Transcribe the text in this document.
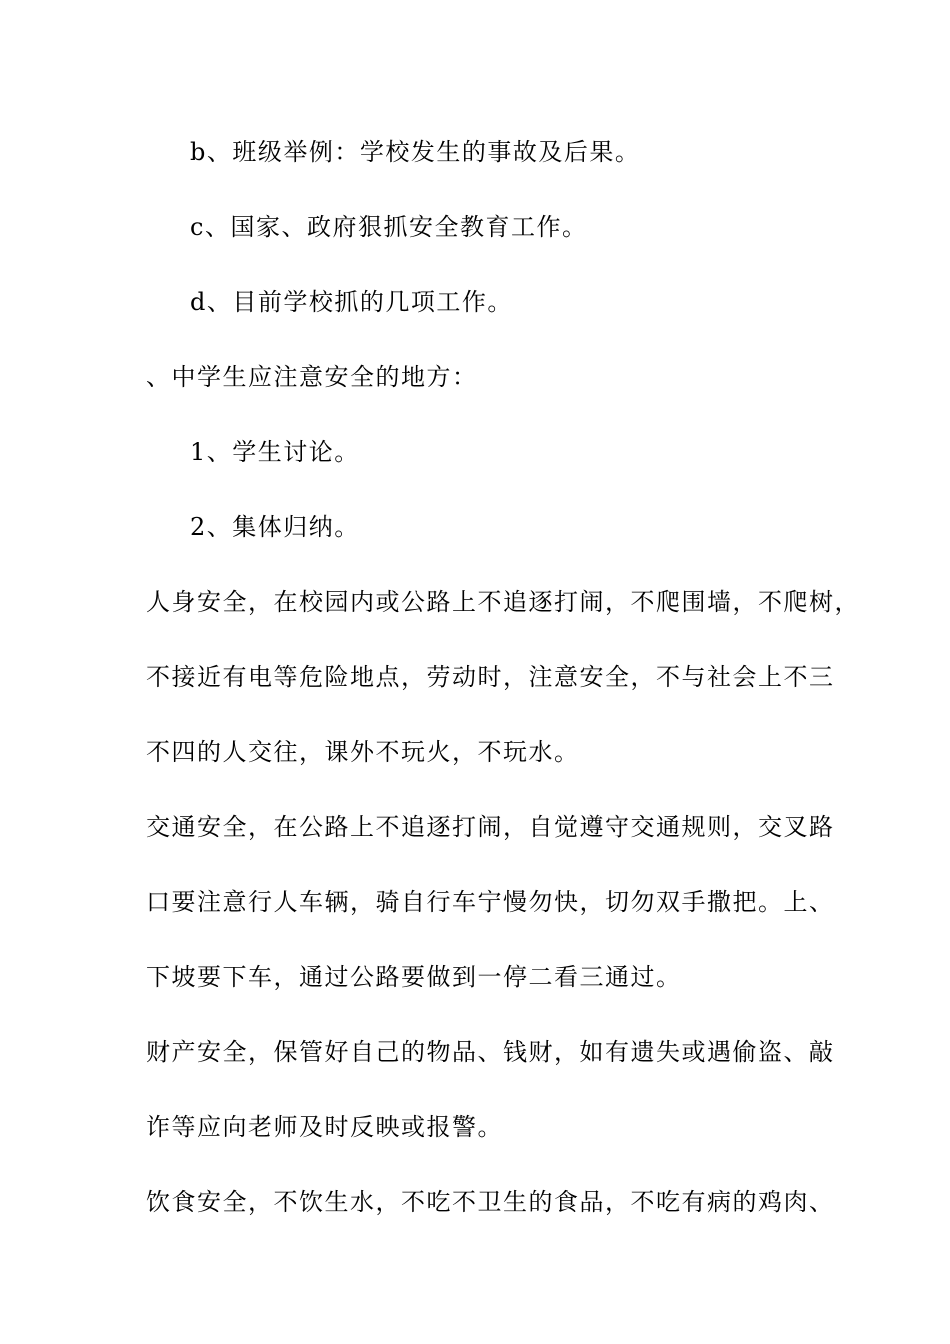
b、班级举例：学校发生的事故及后果。
c、国家、政府狠抓安全教育工作。
d、目前学校抓的几项工作。
、中学生应注意安全的地方：
1、学生讨论。
2、集体归纳。
人身安全，在校园内或公路上不追逐打闹，不爬围墙，不爬树，
不接近有电等危险地点，劳动时，注意安全，不与社会上不三
不四的人交往，课外不玩火，不玩水。
交通安全，在公路上不追逐打闹，自觉遵守交通规则，交叉路
口要注意行人车辆，骑自行车宁慢勿快，切勿双手撒把。上、
下坡要下车，通过公路要做到一停二看三通过。
财产安全，保管好自己的物品、钱财，如有遗失或遇偷盗、敲
诈等应向老师及时反映或报警。
饮食安全，不饮生水，不吃不卫生的食品，不吃有病的鸡肉、
